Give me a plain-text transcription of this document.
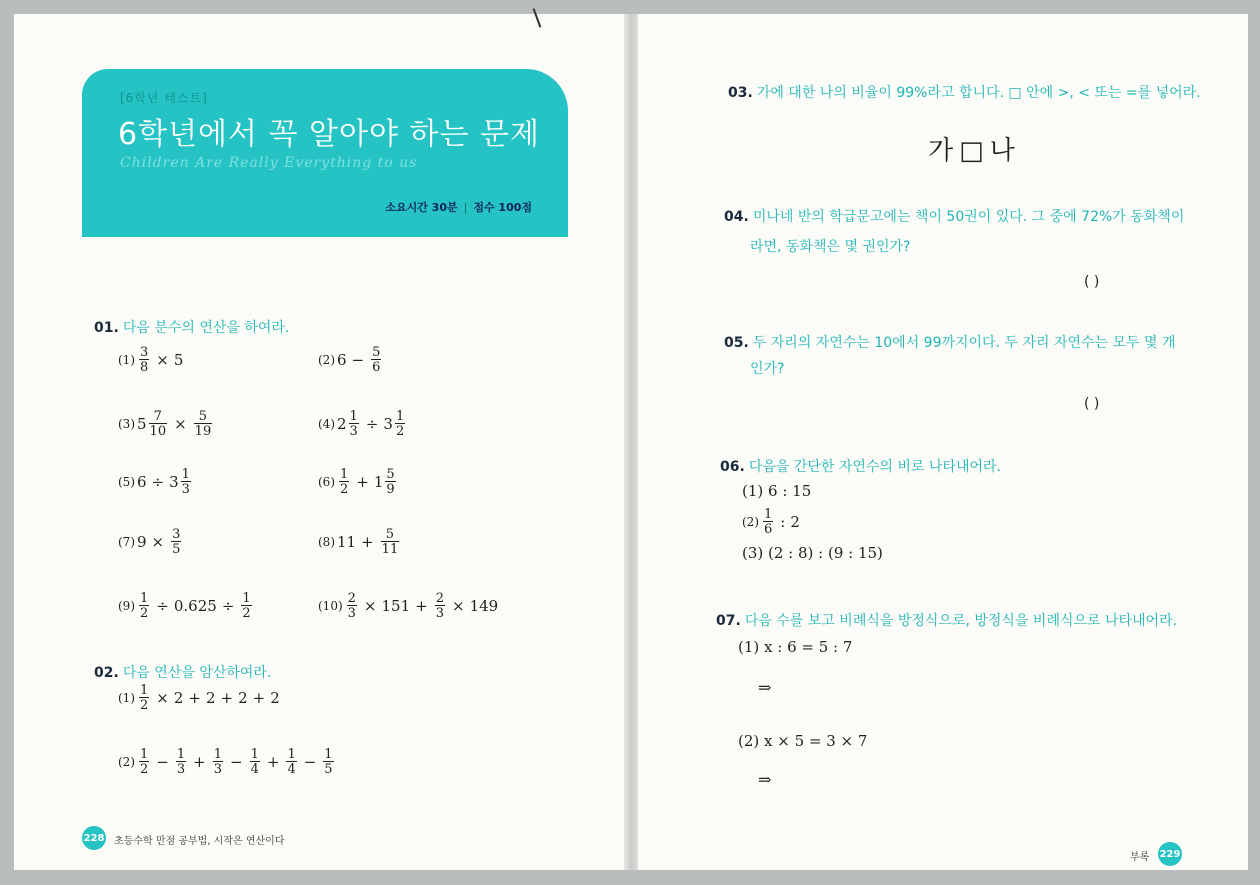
[6학년 테스트]
6학년에서 꼭 알아야 하는 문제
Children Are Really Everything to us
소요시간 30분 | 점수 100점
01. 다음 분수의 연산을 하여라.
$(1) \frac{3}{8} \times 5$	(2) $6 - \frac{5}{6}$
(3) $5 \frac{7}{10} \times \frac{5}{19}$	(4) $2 \frac{1}{3} \div 3 \frac{1}{2}$
(5) $6 \div 3 \frac{1}{3}$	$(6) \frac{1}{2} + 1 \frac{5}{9}$
(7) $9 \times \frac{3}{5}$	(8) $11 + \frac{5}{11}$
$(9) \frac{1}{2} \div 0.625 \div \frac{1}{2}$	$(10) \frac{2}{3} \times 151 + \frac{2}{3} \times 149$
02. 다음 연산을 암산하여라.
$(1) \frac{1}{2} \times 2 + 2 + 2 + 2$
$(2) \frac{1}{2} - \frac{1}{3} + \frac{1}{3} - \frac{1}{4} + \frac{1}{4} - \frac{1}{5}$
228 초등수학 만점 공부법, 시작은 연산이다
03. 가에 대한 나의 비율이 99%라고 합니다. □ 안에 >, < 또는 =를 넣어라.
가□나
04. 미나네 반의 학급문고에는 책이 50권이 있다. 그 중에 72%가 동화책이
라면, 동화책은 몇 권인가?
( )
05. 두 자리의 자연수는 10에서 99까지이다. 두 자리 자연수는 모두 몇 개
인가?
( )
06. 다음을 간단한 자연수의 비로 나타내어라.
(1) 6 : 15
$(2) \frac{1}{6}$ : 2
(3) (2 : 8) : (9 : 15)
07. 다음 수를 보고 비례식을 방정식으로, 방정식을 비례식으로 나타내어라.
(1) x : 6 = 5 : 7
⇒
(2) x × 5 = 3 × 7
⇒
부록 229
